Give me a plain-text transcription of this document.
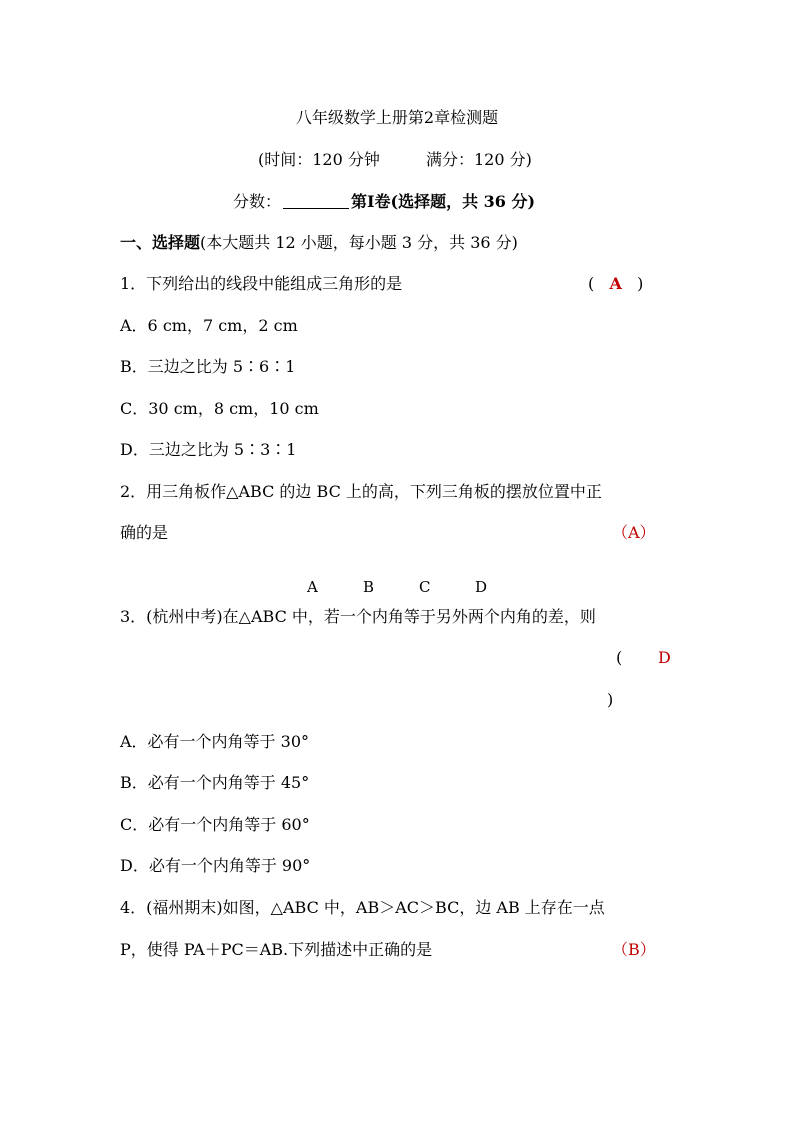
八年级数学上册第2章检测题
(时间：120 分钟	满分：120 分)
分数：	第Ⅰ卷(选择题，共 36 分)
一、选择题(本大题共 12 小题，每小题 3 分，共 36 分)
1．下列给出的线段中能组成三角形的是	(   A   )
A．6 cm，7 cm，2 cm
B．三边之比为 5∶6∶1
C．30 cm，8 cm，10 cm
D．三边之比为 5∶3∶1
2．用三角板作△ABC 的边 BC 上的高，下列三角板的摆放位置中正
确的是	（A）
A	B	C	D
3．(杭州中考)在△ABC 中，若一个内角等于另外两个内角的差，则
( D
)
A．必有一个内角等于 30°
B．必有一个内角等于 45°
C．必有一个内角等于 60°
D．必有一个内角等于 90°
4．(福州期末)如图，△ABC 中，AB＞AC＞BC，边 AB 上存在一点
P，使得 PA＋PC＝AB.下列描述中正确的是	（B）
